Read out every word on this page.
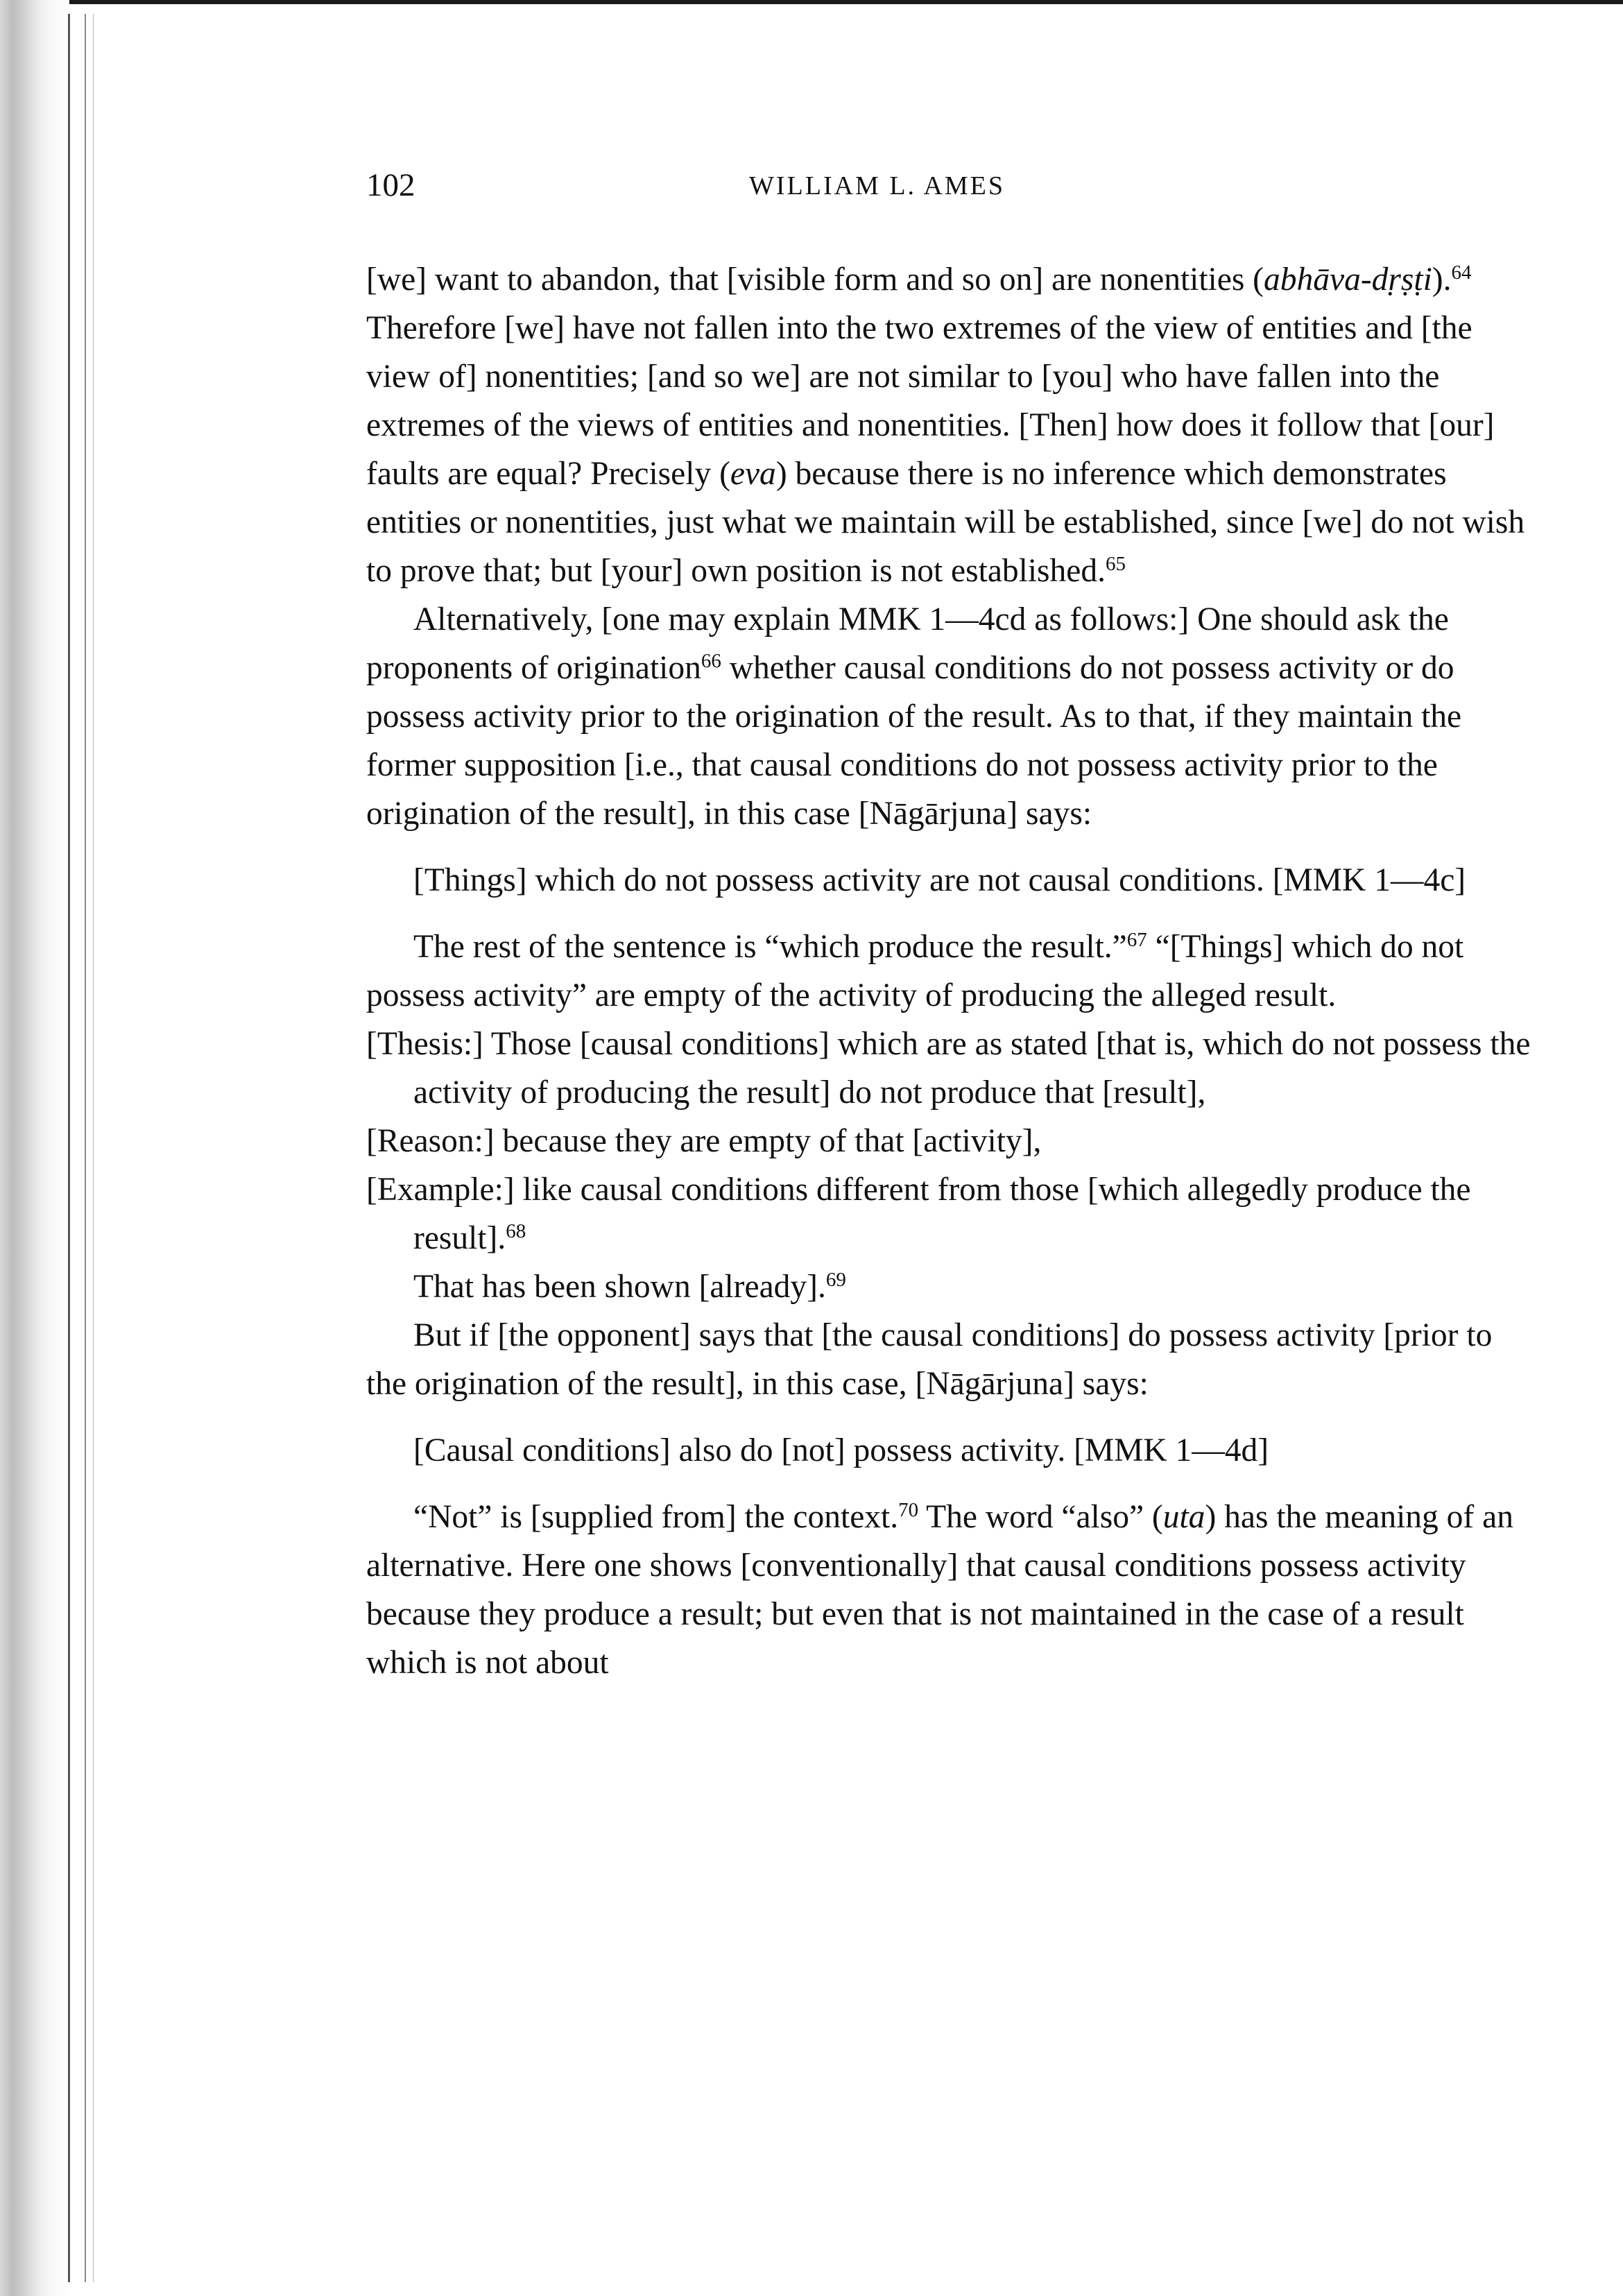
102	WILLIAM L. AMES

[we] want to abandon, that [visible form and so on] are nonentities (abhāva-dṛṣṭi).$^{64}$ Therefore [we] have not fallen into the two extremes of the view of entities and [the view of] nonentities; [and so we] are not similar to [you] who have fallen into the extremes of the views of entities and nonentities. [Then] how does it follow that [our] faults are equal? Precisely (eva) because there is no inference which demonstrates entities or nonentities, just what we maintain will be established, since [we] do not wish to prove that; but [your] own position is not established.$^{65}$

Alternatively, [one may explain MMK 1—4cd as follows:] One should ask the proponents of origination$^{66}$ whether causal conditions do not possess activity or do possess activity prior to the origination of the result. As to that, if they maintain the former supposition [i.e., that causal conditions do not possess activity prior to the origination of the result], in this case [Nāgārjuna] says:

[Things] which do not possess activity are not causal conditions. [MMK 1—4c]

The rest of the sentence is “which produce the result.”$^{67}$ “[Things] which do not possess activity” are empty of the activity of producing the alleged result.

[Thesis:] Those [causal conditions] which are as stated [that is, which do not possess the activity of producing the result] do not produce that [result],

[Reason:] because they are empty of that [activity],

[Example:] like causal conditions different from those [which allegedly produce the result].$^{68}$

That has been shown [already].$^{69}$

But if [the opponent] says that [the causal conditions] do possess activity [prior to the origination of the result], in this case, [Nāgārjuna] says:

[Causal conditions] also do [not] possess activity. [MMK 1—4d]

“Not” is [supplied from] the context.$^{70}$ The word “also” (uta) has the meaning of an alternative. Here one shows [conventionally] that causal conditions possess activity because they produce a result; but even that is not maintained in the case of a result which is not about
